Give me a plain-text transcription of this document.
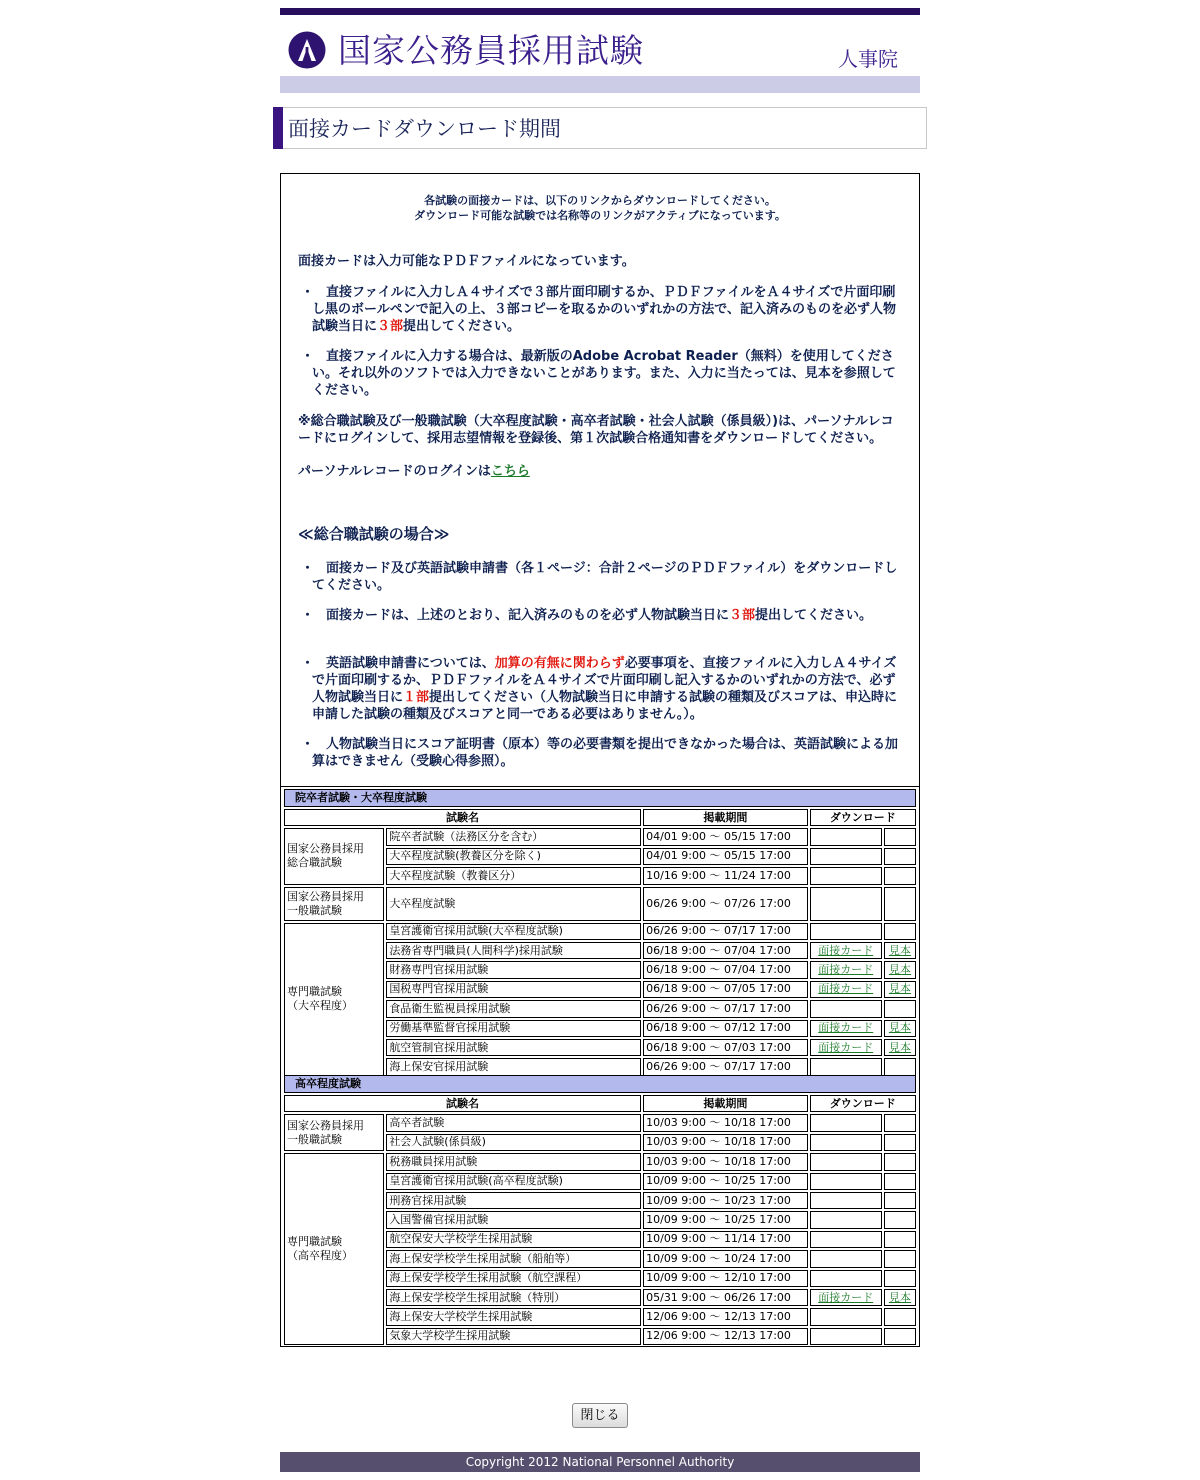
国家公務員採用試験	人事院
面接カードダウンロード期間
各試験の面接カードは、以下のリンクからダウンロードしてください。
ダウンロード可能な試験では名称等のリンクがアクティブになっています。
面接カードは入力可能なＰＤＦファイルになっています。
・ 直接ファイルに入力しＡ４サイズで３部片面印刷するか、ＰＤＦファイルをＡ４サイズで片面印刷し黒のボールペンで記入の上、３部コピーを取るかのいずれかの方法で、記入済みのものを必ず人物試験当日に３部提出してください。
・ 直接ファイルに入力する場合は、最新版のAdobe Acrobat Reader（無料）を使用してください。それ以外のソフトでは入力できないことがあります。また、入力に当たっては、見本を参照してください。
※総合職試験及び一般職試験（大卒程度試験・高卒者試験・社会人試験（係員級）)は、パーソナルレコードにログインして、採用志望情報を登録後、第１次試験合格通知書をダウンロードしてください。
パーソナルレコードのログインはこちら
≪総合職試験の場合≫
・ 面接カード及び英語試験申請書（各１ページ：合計２ページのＰＤＦファイル）をダウンロードしてください。
・ 面接カードは、上述のとおり、記入済みのものを必ず人物試験当日に３部提出してください。
・ 英語試験申請書については、加算の有無に関わらず必要事項を、直接ファイルに入力しＡ４サイズで片面印刷するか、ＰＤＦファイルをＡ４サイズで片面印刷し記入するかのいずれかの方法で、必ず人物試験当日に１部提出してください（人物試験当日に申請する試験の種類及びスコアは、申込時に申請した試験の種類及びスコアと同一である必要はありません。）。
・ 人物試験当日にスコア証明書（原本）等の必要書類を提出できなかった場合は、英語試験による加算はできません（受験心得参照）。
院卒者試験・大卒程度試験				
試験名		掲載期間	ダウンロード	
国家公務員採用
総合職試験	院卒者試験（法務区分を含む）	04/01 9:00 ～ 05/15 17:00		
	大卒程度試験(教養区分を除く)	04/01 9:00 ～ 05/15 17:00		
	大卒程度試験（教養区分）	10/16 9:00 ～ 11/24 17:00		
国家公務員採用
一般職試験	大卒程度試験	06/26 9:00 ～ 07/26 17:00		
専門職試験
（大卒程度）	皇宮護衛官採用試験(大卒程度試験)	06/26 9:00 ～ 07/17 17:00		
	法務省専門職員(人間科学)採用試験	06/18 9:00 ～ 07/04 17:00	面接カード	見本
	財務専門官採用試験	06/18 9:00 ～ 07/04 17:00	面接カード	見本
	国税専門官採用試験	06/18 9:00 ～ 07/05 17:00	面接カード	見本
	食品衛生監視員採用試験	06/26 9:00 ～ 07/17 17:00		
	労働基準監督官採用試験	06/18 9:00 ～ 07/12 17:00	面接カード	見本
	航空管制官採用試験	06/18 9:00 ～ 07/03 17:00	面接カード	見本
	海上保安官採用試験	06/26 9:00 ～ 07/17 17:00		
高卒程度試験				
試験名		掲載期間	ダウンロード	
国家公務員採用
一般職試験	高卒者試験	10/03 9:00 ～ 10/18 17:00		
	社会人試験(係員級)	10/03 9:00 ～ 10/18 17:00		
専門職試験
（高卒程度）	税務職員採用試験	10/03 9:00 ～ 10/18 17:00		
	皇宮護衛官採用試験(高卒程度試験)	10/09 9:00 ～ 10/25 17:00		
	刑務官採用試験	10/09 9:00 ～ 10/23 17:00		
	入国警備官採用試験	10/09 9:00 ～ 10/25 17:00		
	航空保安大学校学生採用試験	10/09 9:00 ～ 11/14 17:00		
	海上保安学校学生採用試験（船舶等）	10/09 9:00 ～ 10/24 17:00		
	海上保安学校学生採用試験（航空課程）	10/09 9:00 ～ 12/10 17:00		
	海上保安学校学生採用試験（特別）	05/31 9:00 ～ 06/26 17:00	面接カード	見本
	海上保安大学校学生採用試験	12/06 9:00 ～ 12/13 17:00		
	気象大学校学生採用試験	12/06 9:00 ～ 12/13 17:00		
閉じる
Copyright 2012 National Personnel Authority
